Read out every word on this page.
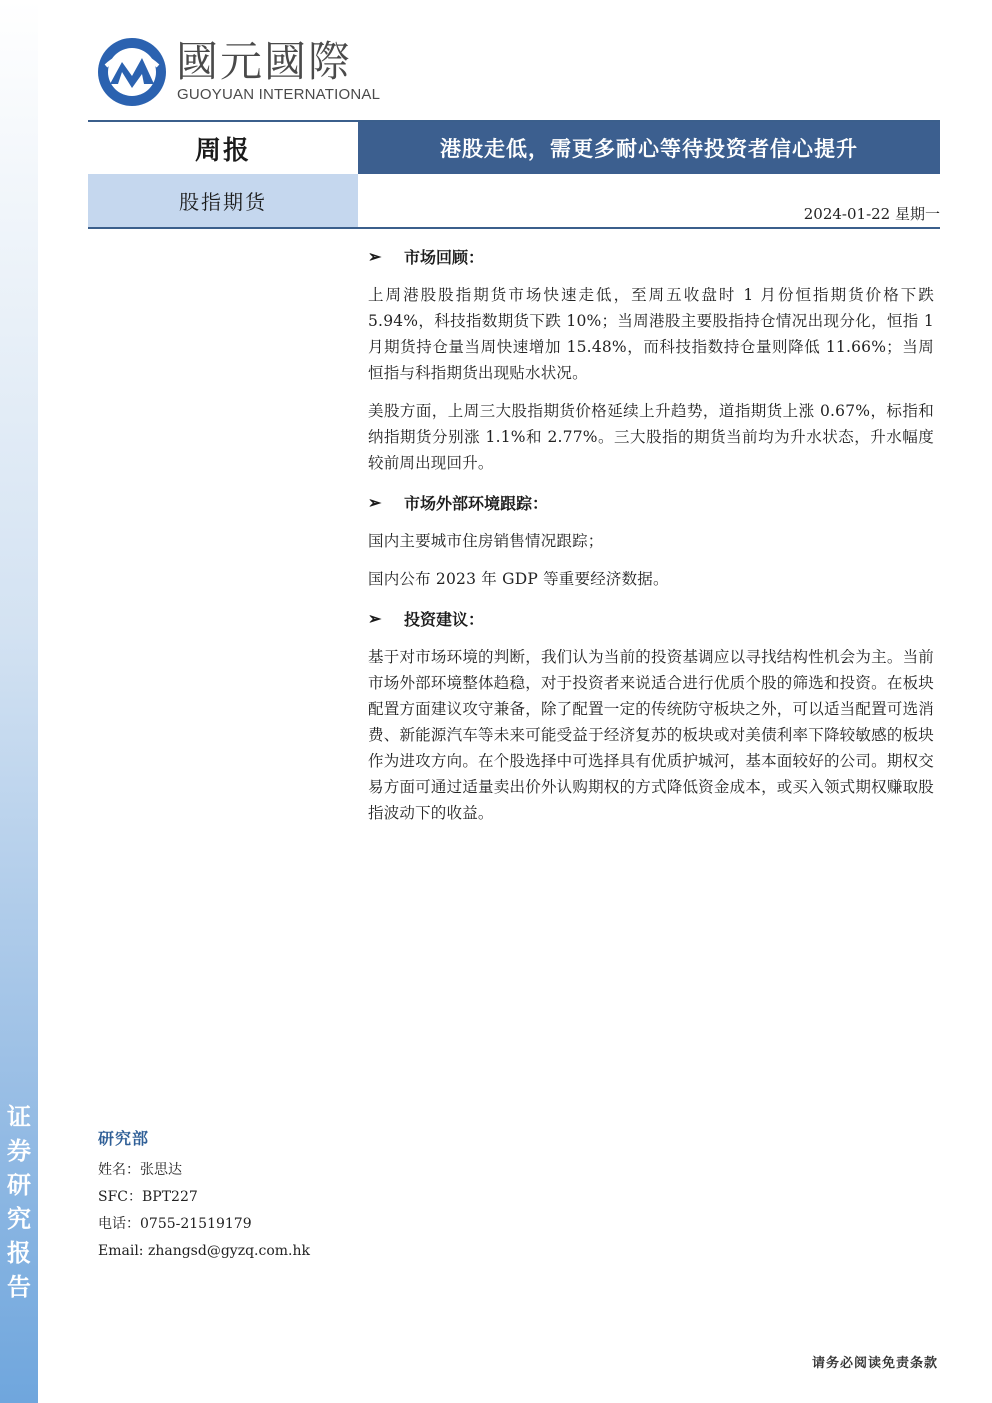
证
券
研
究
报
告
國元國際
GUOYUAN INTERNATIONAL
周报	港股走低，需更多耐心等待投资者信心提升
股指期货	2024-01-22 星期一
➢	市场回顾：

上周港股股指期货市场快速走低，至周五收盘时 1 月份恒指期货价格下跌 5.94%，科技指数期货下跌 10%；当周港股主要股指持仓情况出现分化，恒指 1 月期货持仓量当周快速增加 15.48%，而科技指数持仓量则降低 11.66%；当周恒指与科指期货出现贴水状况。

美股方面，上周三大股指期货价格延续上升趋势，道指期货上涨 0.67%，标指和纳指期货分别涨 1.1%和 2.77%。三大股指的期货当前均为升水状态，升水幅度较前周出现回升。

➢	市场外部环境跟踪：

国内主要城市住房销售情况跟踪；

国内公布 2023 年 GDP 等重要经济数据。

➢	投资建议：

基于对市场环境的判断，我们认为当前的投资基调应以寻找结构性机会为主。当前市场外部环境整体趋稳，对于投资者来说适合进行优质个股的筛选和投资。在板块配置方面建议攻守兼备，除了配置一定的传统防守板块之外，可以适当配置可选消费、新能源汽车等未来可能受益于经济复苏的板块或对美债利率下降较敏感的板块作为进攻方向。在个股选择中可选择具有优质护城河，基本面较好的公司。期权交易方面可通过适量卖出价外认购期权的方式降低资金成本，或买入领式期权赚取股指波动下的收益。

研究部
姓名：张思达
SFC：BPT227
电话：0755-21519179
Email: zhangsd@gyzq.com.hk
请务必阅读免责条款
